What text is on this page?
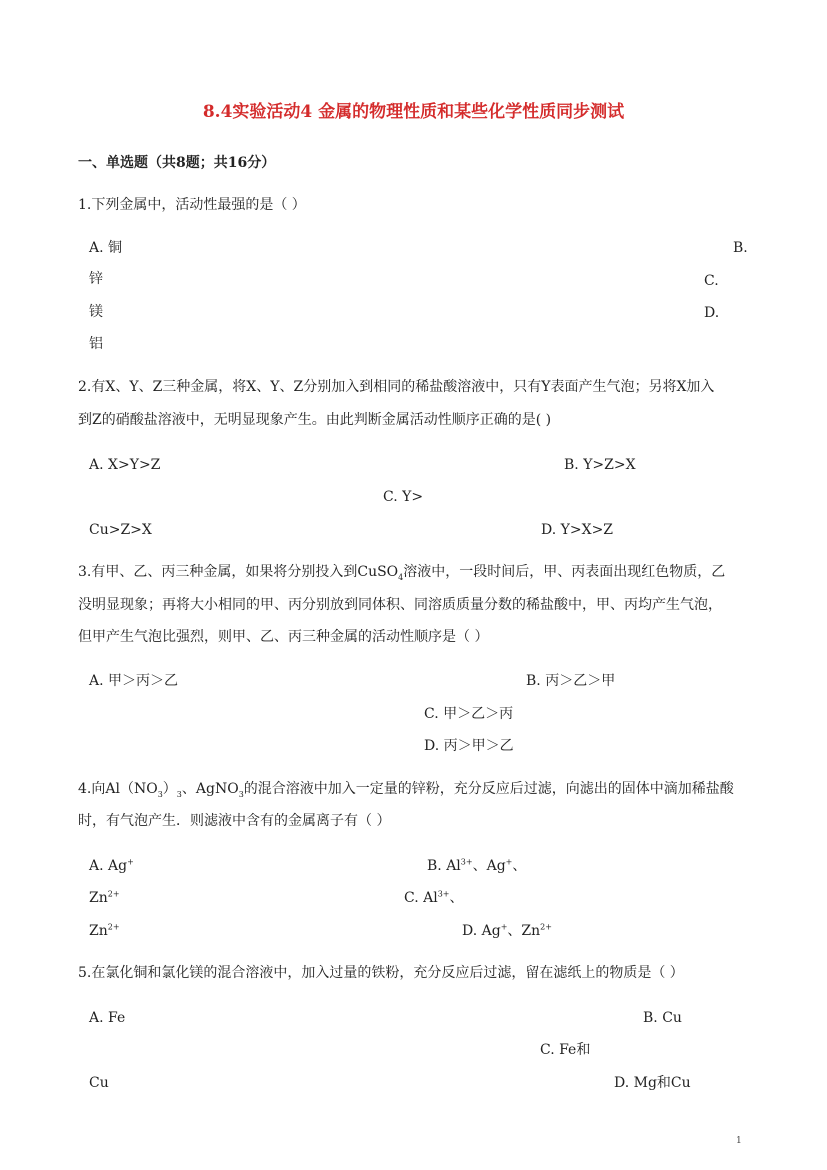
8.4实验活动4 金属的物理性质和某些化学性质同步测试
一、单选题（共8题；共16分）
1.下列金属中，活动性最强的是（ ）
A. 铜	B.
锌	C.
镁	D.
铝
2.有X、Y、Z三种金属，将X、Y、Z分别加入到相同的稀盐酸溶液中，只有Y表面产生气泡；另将X加入
到Z的硝酸盐溶液中，无明显现象产生。由此判断金属活动性顺序正确的是( )
A. X>Y>Z	B. Y>Z>X
C. Y>
Cu>Z>X	D. Y>X>Z
3.有甲、乙、丙三种金属，如果将分别投入到CuSO$_4$溶液中，一段时间后，甲、丙表面出现红色物质，乙
没明显现象；再将大小相同的甲、丙分别放到同体积、同溶质质量分数的稀盐酸中，甲、丙均产生气泡，
但甲产生气泡比强烈，则甲、乙、丙三种金属的活动性顺序是（ ）
A. 甲＞丙＞乙	B. 丙＞乙＞甲
C. 甲＞乙＞丙
D. 丙＞甲＞乙
4.向$Al(NO_3)_3$、AgNO$_3$的混合溶液中加入一定量的锌粉，充分反应后过滤，向滤出的固体中滴加稀盐酸
时，有气泡产生．则滤液中含有的金属离子有（ ）
A. Ag+	B. $Al^{3+}$、Ag+、
$Zn^{2+}$	C. $Al^{3+}$、
$Zn^{2+}$	D. Ag+、$Zn^{2+}$
5.在氯化铜和氯化镁的混合溶液中，加入过量的铁粉，充分反应后过滤，留在滤纸上的物质是（ ）
A. Fe	B. Cu
C. Fe和
Cu	D. Mg和Cu
1
